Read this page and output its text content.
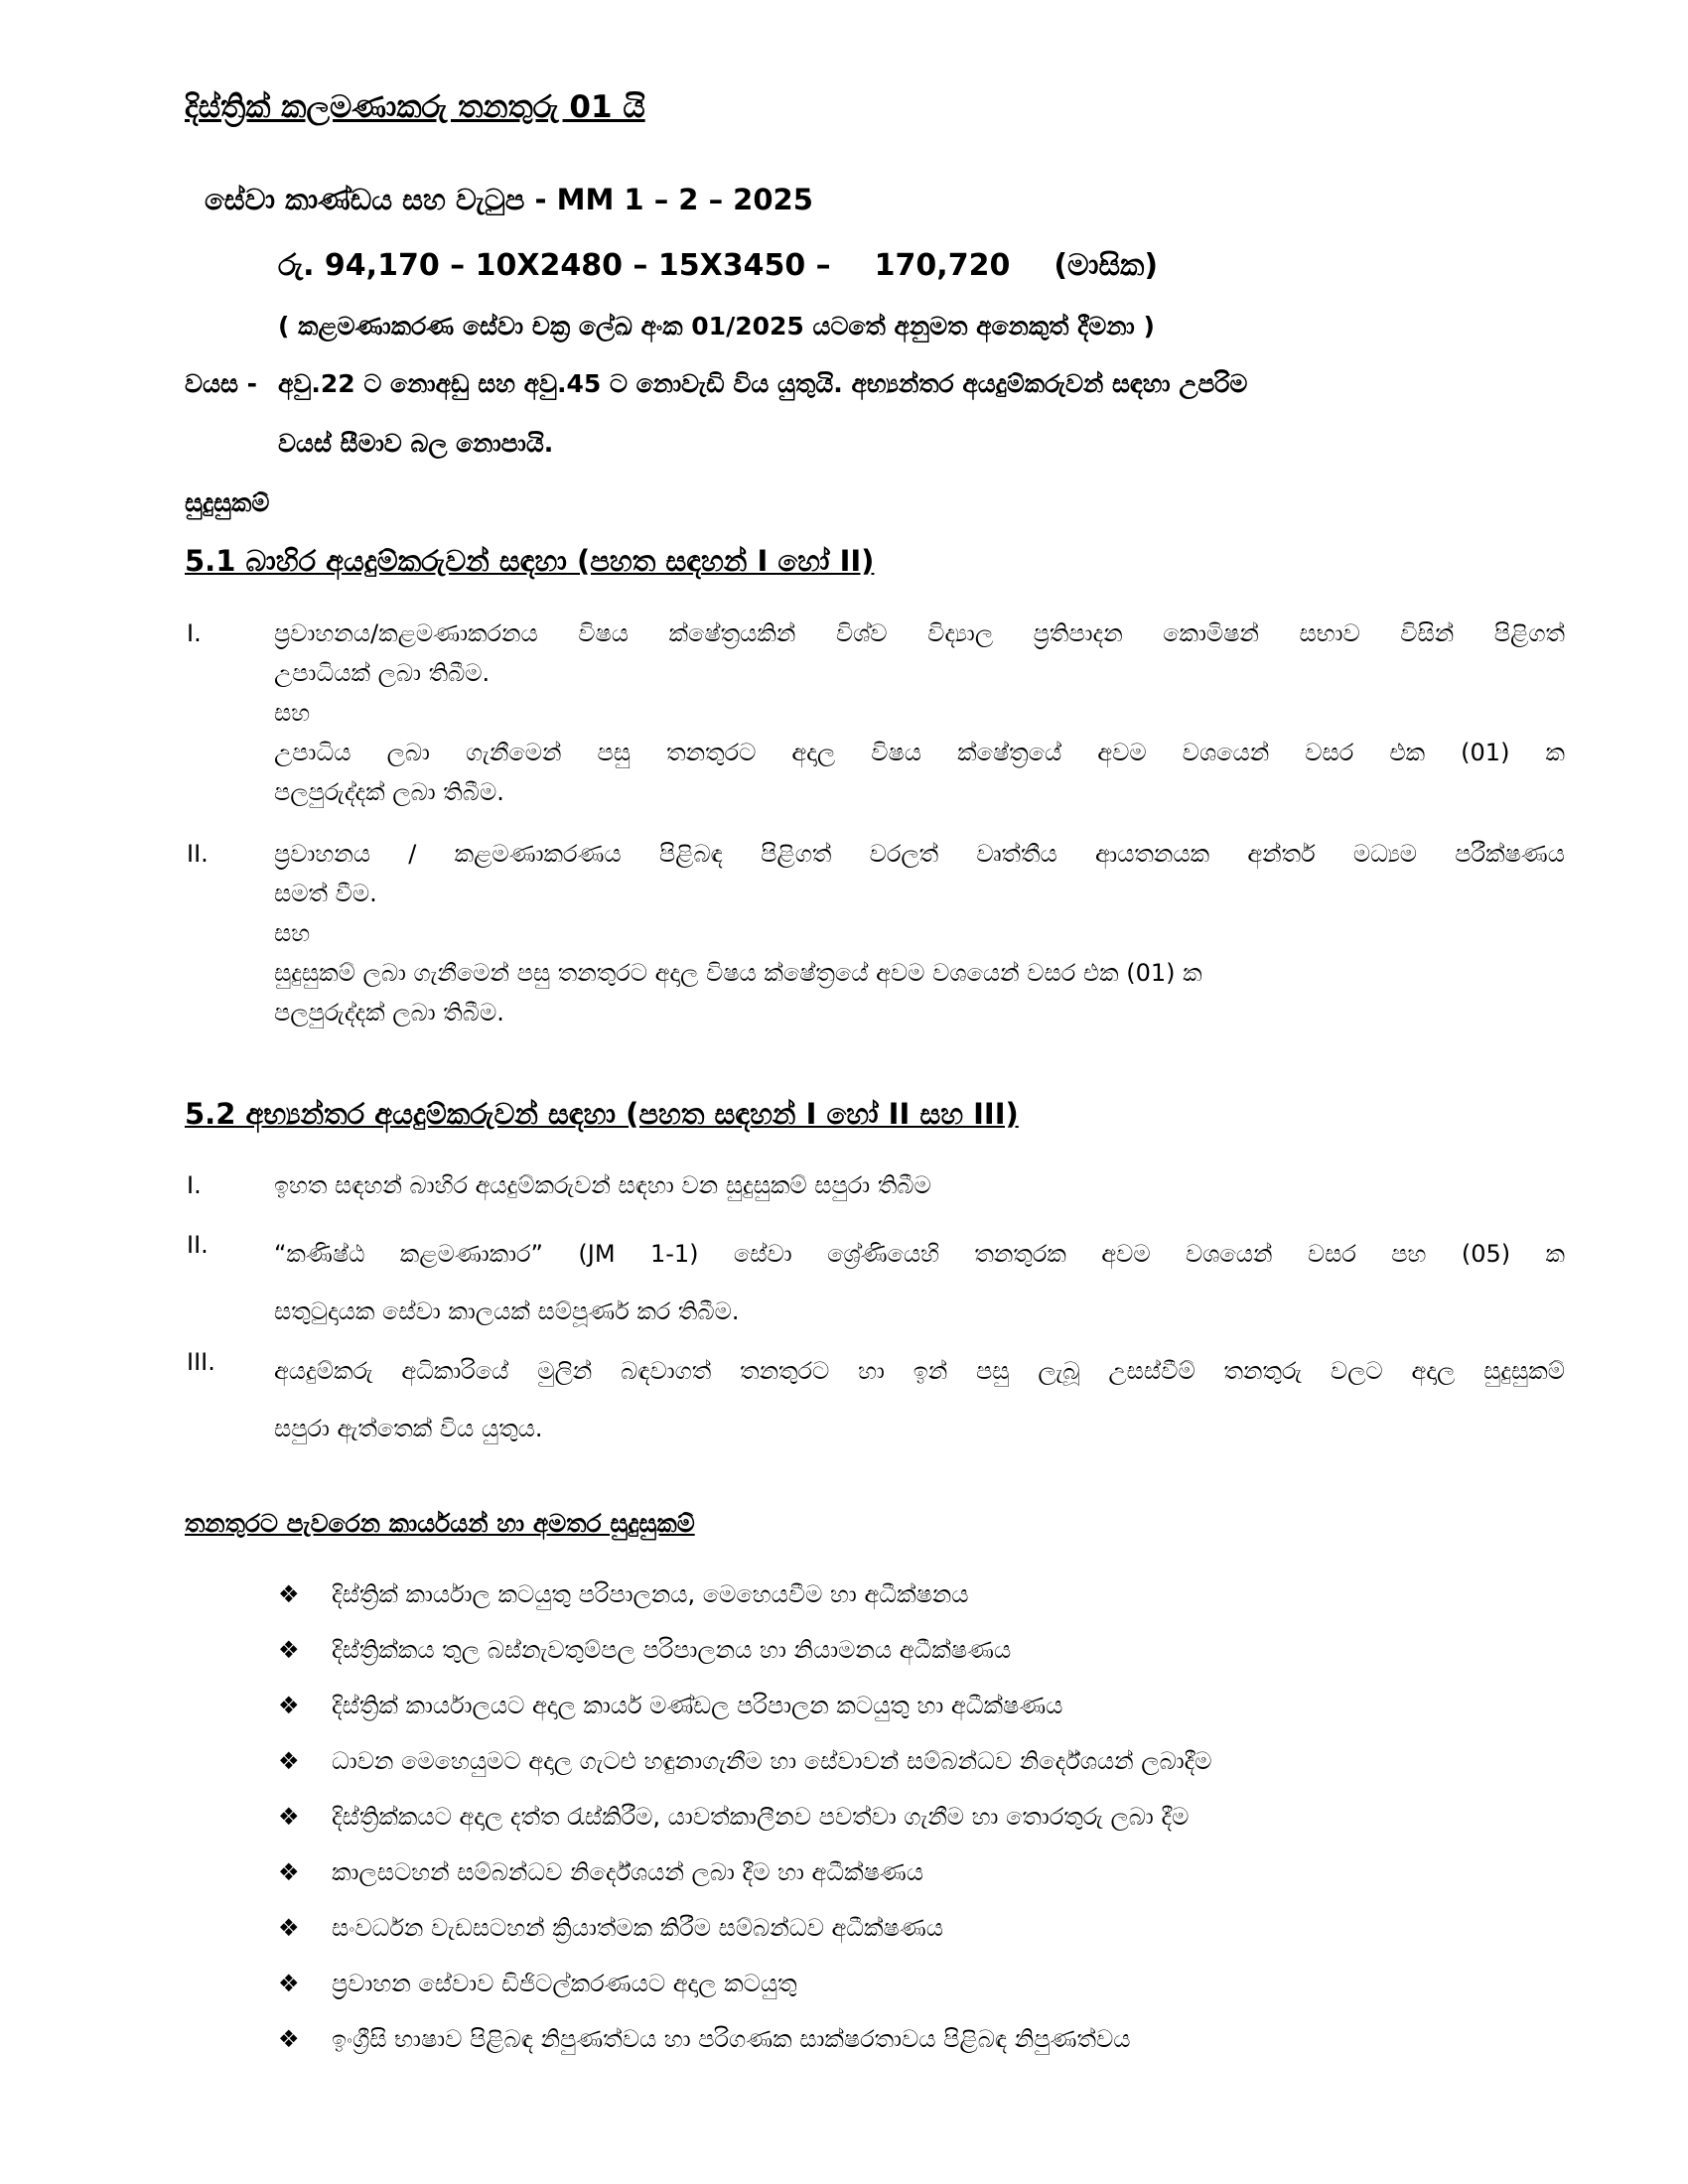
දිස්ත්‍රික් කලමණාකරු තනතුරු 01 යි
සේවා කාණ්ඩය සහ වැටුප - MM 1 – 2 – 2025
රු. 94,170 – 10X2480 – 15X3450 – 170,720 (මාසික)
( කළමණාකරණ සේවා චක්‍ර ලේඛ අංක 01/2025 යටතේ අනුමත අනෙකුත් දීමනා )
වයස - අවු.22 ට නොඅඩු සහ අවු.45 ට නොවැඩි විය යුතුයි. අභ්‍යන්තර අයදුම්කරුවන් සඳහා උපරිම
වයස් සීමාව බල නොපායි.
සුදුසුකම්
5.1 බාහිර අයදුම්කරුවන් සඳහා (පහත සඳහන් I හෝ II)
I.	ප්‍රවාහනය/කළමණාකරනය විෂය ක්ෂේත්‍රයකින් විශ්ව විද්‍යාල ප්‍රතිපාදන කොමිෂන් සභාව විසින් පිළිගත්
උපාධියක් ලබා තිබීම.
සහ
උපාධිය ලබා ගැනීමෙන් පසු තනතුරට අදාල විෂය ක්ෂේත්‍රයේ අවම වශයෙන් වසර එක (01) ක
පලපුරුද්දක් ලබා තිබීම.
II.	ප්‍රවාහනය / කළමණාකරණය පිළිබඳ පිළිගත් වරලත් වෘත්තීය ආයතනයක අන්තර් මධ්‍යම පරීක්ෂණය
සමත් වීම.
සහ
සුදුසුකම් ලබා ගැනීමෙන් පසු තනතුරට අදාල විෂය ක්ෂේත්‍රයේ අවම වශයෙන් වසර එක (01) ක
පලපුරුද්දක් ලබා තිබීම.
5.2 අභ්‍යන්තර අයදුම්කරුවන් සඳහා (පහත සඳහන් I හෝ II සහ III)
I.	ඉහත සඳහන් බාහිර අයදුම්කරුවන් සඳහා වන සුදුසුකම් සපුරා තිබීම
II.	“කණිෂ්ඨ කළමණාකාර” (JM 1-1) සේවා ශ්‍රේණියෙහි තනතුරක අවම වශයෙන් වසර පහ (05) ක
සතුටුදායක සේවා කාලයක් සම්පූර්ණ කර තිබීම.
III. අයදුම්කරු අධිකාරියේ මුලින් බඳවාගත් තනතුරට හා ඉන් පසු ලැබූ උසස්වීම් තනතුරු වලට අදාල සුදුසුකම්
සපුරා ඇත්තෙක් විය යුතුය.
තනතුරට පැවරෙන කාර්යයන් හා අමතර සුදුසුකම්
❖	දිස්ත්‍රික් කාර්යාල කටයුතු පරිපාලනය, මෙහෙයවීම හා අධීක්ෂනය
❖	දිස්ත්‍රික්කය තුල බස්නැවතුම්පල පරිපාලනය හා නියාමනය අධීක්ෂණය
❖	දිස්ත්‍රික් කාර්යාලයට අදාල කාර්ය මණ්ඩල පරිපාලන කටයුතු හා අධීක්ෂණය
❖	ධාවන මෙහෙයුමට අදාල ගැටළු හඳුනාගැනීම හා සේවාවන් සම්බන්ධව නිර්දේශයන් ලබාදීම
❖	දිස්ත්‍රික්කයට අදාල දත්ත රැස්කිරීම, යාවත්කාලීනව පවත්වා ගැනීම හා තොරතුරු ලබා දීම
❖	කාලසටහන් සම්බන්ධව නිර්දේශයන් ලබා දීම හා අධීක්ෂණය
❖	සංවර්ධන වැඩසටහන් ක්‍රියාත්මක කිරීම සම්බන්ධව අධීක්ෂණය
❖	ප්‍රවාහන සේවාව ඩිජිටල්කරණයට අදාල කටයුතු
❖	ඉංග්‍රීසි භාෂාව පිළිබඳ නිපුණත්වය හා පරිගණක සාක්ෂරතාවය පිළිබඳ නිපුණත්වය
